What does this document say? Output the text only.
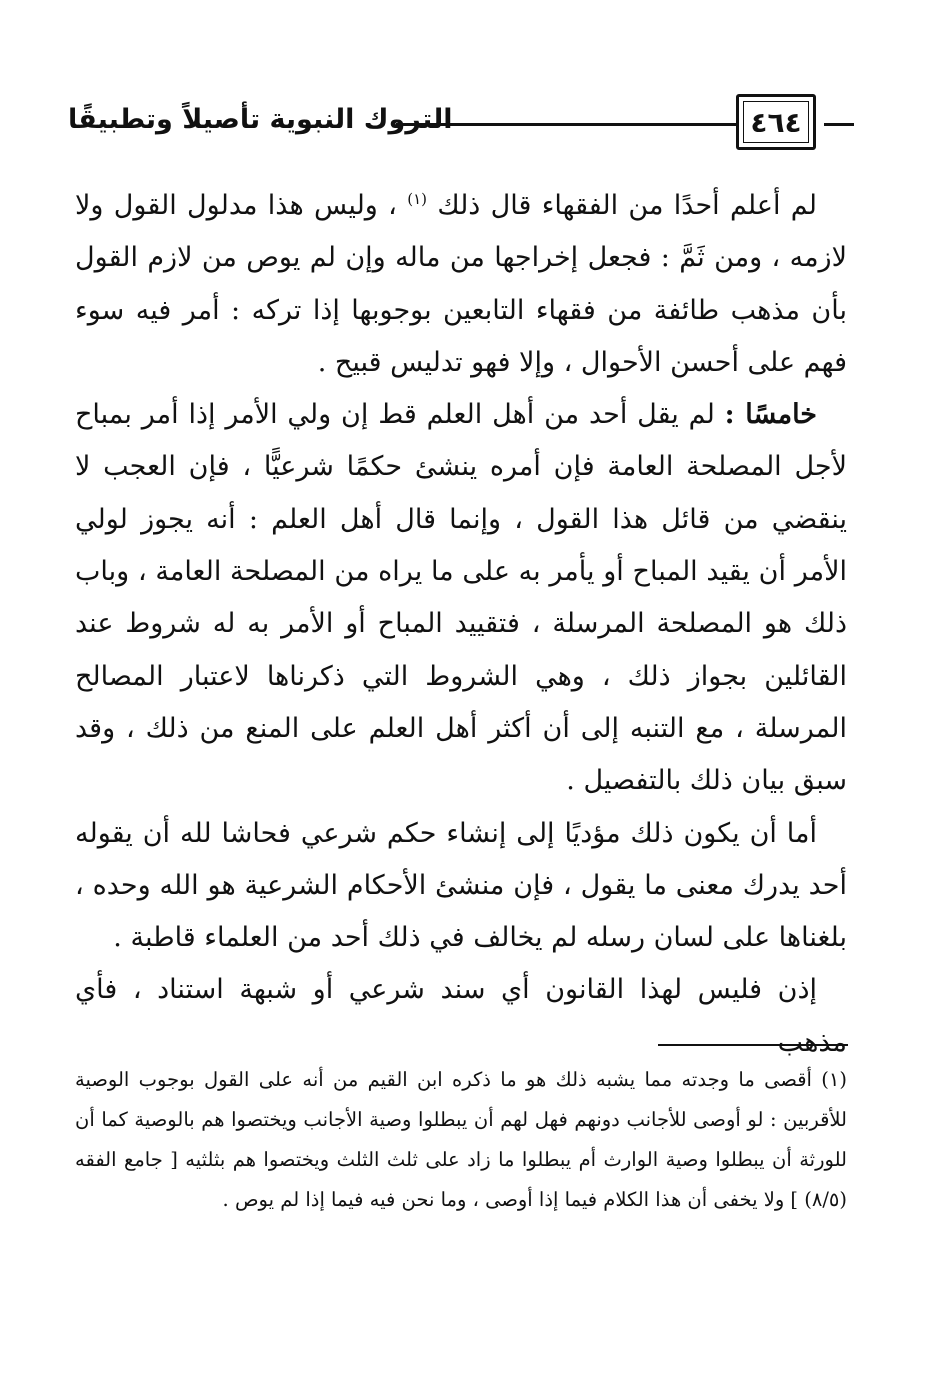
التروك النبوية تأصيلاً وتطبيقًا	٤٦٤

لم أعلم أحدًا من الفقهاء قال ذلك $^{(١)}$ ، وليس هذا مدلول القول ولا لازمه ، ومن ثَمَّ : فجعل إخراجها من ماله وإن لم يوص من لازم القول بأن مذهب طائفة من فقهاء التابعين بوجوبها إذا تركه : أمر فيه سوء فهم على أحسن الأحوال ، وإلا فهو تدليس قبيح .

خامسًا : لم يقل أحد من أهل العلم قط إن ولي الأمر إذا أمر بمباح لأجل المصلحة العامة فإن أمره ينشئ حكمًا شرعيًّا ، فإن العجب لا ينقضي من قائل هذا القول ، وإنما قال أهل العلم : أنه يجوز لولي الأمر أن يقيد المباح أو يأمر به على ما يراه من المصلحة العامة ، وباب ذلك هو المصلحة المرسلة ، فتقييد المباح أو الأمر به له شروط عند القائلين بجواز ذلك ، وهي الشروط التي ذكرناها لاعتبار المصالح المرسلة ، مع التنبه إلى أن أكثر أهل العلم على المنع من ذلك ، وقد سبق بيان ذلك بالتفصيل .

أما أن يكون ذلك مؤديًا إلى إنشاء حكم شرعي فحاشا لله أن يقوله أحد يدرك معنى ما يقول ، فإن منشئ الأحكام الشرعية هو الله وحده ، بلغناها على لسان رسله لم يخالف في ذلك أحد من العلماء قاطبة .

إذن فليس لهذا القانون أي سند شرعي أو شبهة استناد ، فأي مذهب

(١) أقصى ما وجدته مما يشبه ذلك هو ما ذكره ابن القيم من أنه على القول بوجوب الوصية للأقربين : لو أوصى للأجانب دونهم فهل لهم أن يبطلوا وصية الأجانب ويختصوا هم بالوصية كما أن للورثة أن يبطلوا وصية الوارث أم يبطلوا ما زاد على ثلث الثلث ويختصوا هم بثلثيه [ جامع الفقه (٨/٥) ] ولا يخفى أن هذا الكلام فيما إذا أوصى ، وما نحن فيه فيما إذا لم يوص .
